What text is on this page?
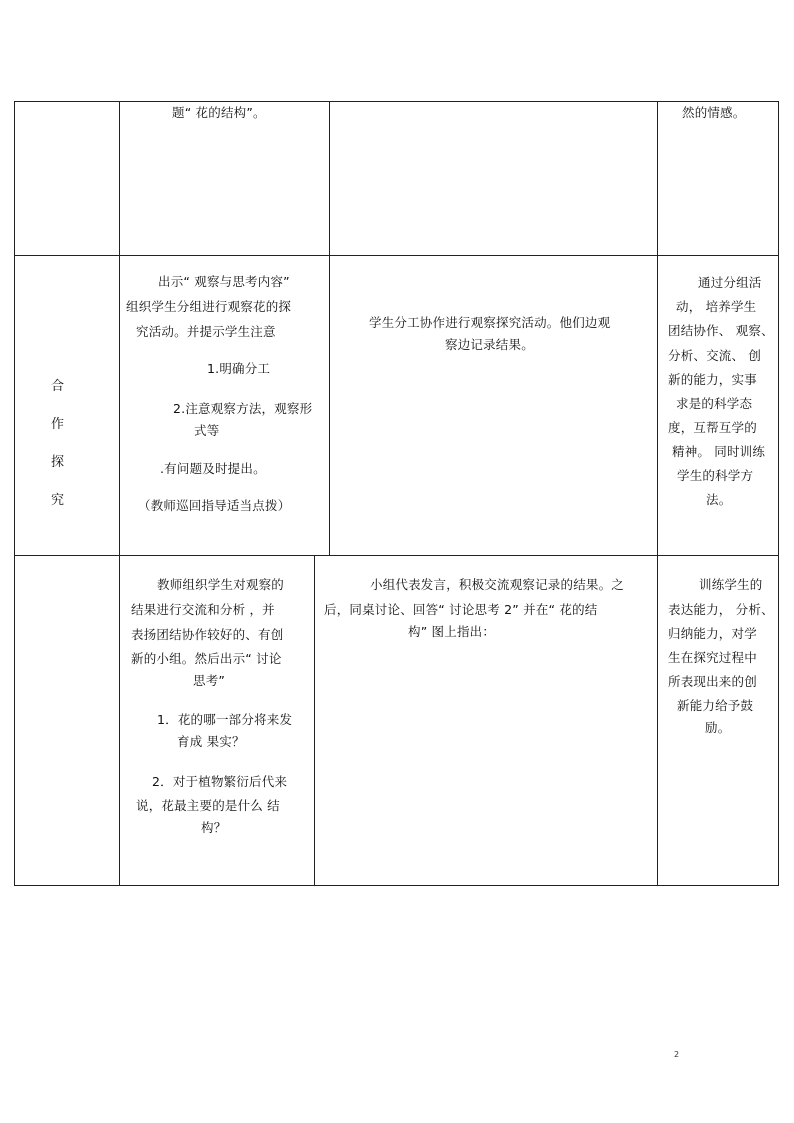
题“ 花的结构”。	然的情感。
合
作
探
究
出示“ 观察与思考内容”
组织学生分组进行观察花的探
究活动。并提示学生注意
1.明确分工
2.注意观察方法，观察形
式等
.有问题及时提出。
（教师巡回指导适当点拨）
学生分工协作进行观察探究活动。他们边观
察边记录结果。
通过分组活
动， 培养学生
团结协作、 观察、
分析、交流、 创
新的能力，实事
求是的科学态
度，互帮互学的
精神。 同时训练
学生的科学方
法。
教师组织学生对观察的
结果进行交流和分析 ，并
表扬团结协作较好的、有创
新的小组。然后出示“ 讨论
思考”
1．花的哪一部分将来发
育成 果实？
2．对于植物繁衍后代来
说，花最主要的是什么 结
构？
小组代表发言，积极交流观察记录的结果。之
后，同桌讨论、回答“ 讨论思考 2” 并在“ 花的结
构” 图上指出：
训练学生的
表达能力， 分析、
归纳能力，对学
生在探究过程中
所表现出来的创
新能力给予鼓
励。
2
